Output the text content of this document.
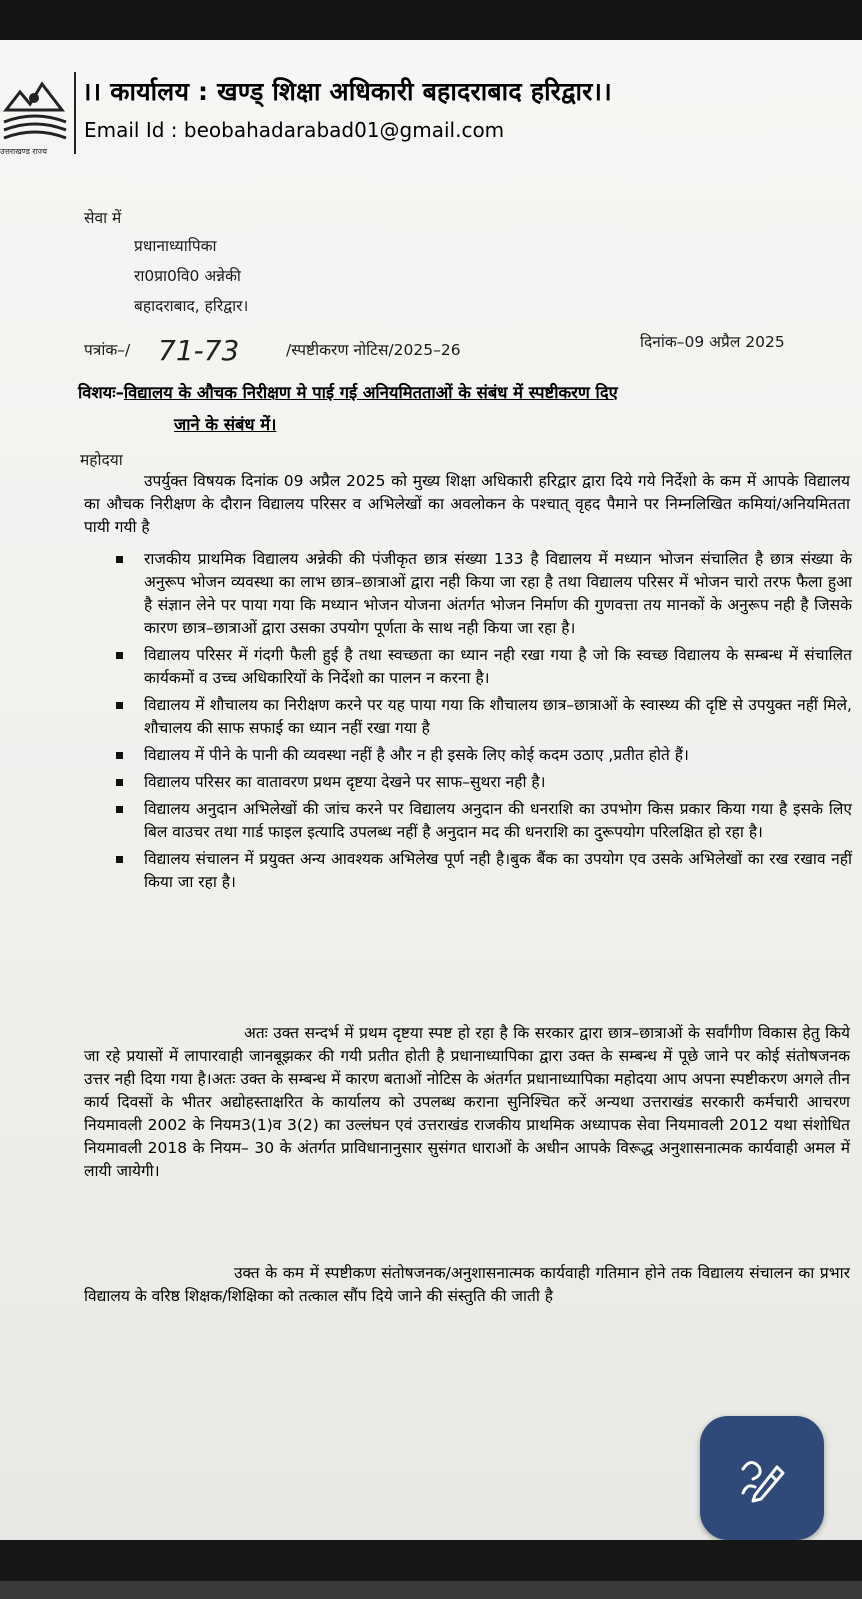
उत्तराखण्ड राज्य
।। कार्यालय : खण्ड् शिक्षा अधिकारी बहादराबाद हरिद्वार।।
Email Id : beobahadarabad01@gmail.com
सेवा में
प्रधानाध्यापिका
रा0प्रा0वि0 अन्नेकी
बहादराबाद, हरिद्वार।
पत्रांक–/ 71-73	/स्पष्टीकरण नोटिस/2025–26	दिनांक–09 अप्रैल 2025
विशयः–विद्यालय के औचक निरीक्षण मे पाई गई अनियमितताओं के संबंध में स्पष्टीकरण दिए
जाने के संबंध में।
महोदया
उपर्युक्त विषयक दिनांक 09 अप्रैल 2025 को मुख्य शिक्षा अधिकारी हरिद्वार द्वारा दिये गये निर्देशो के कम में आपके विद्यालय का औचक निरीक्षण के दौरान विद्यालय परिसर व अभिलेखों का अवलोकन के पश्चात् वृहद पैमाने पर निम्नलिखित कमियां/अनियमितता पायी गयी है
राजकीय प्राथमिक विद्यालय अन्नेकी की पंजीकृत छात्र संख्या 133 है विद्यालय में मध्यान भोजन संचालित है छात्र संख्या के अनुरूप भोजन व्यवस्था का लाभ छात्र–छात्राओं द्वारा नही किया जा रहा है तथा विद्यालय परिसर में भोजन चारो तरफ फैला हुआ है संज्ञान लेने पर पाया गया कि मध्यान भोजन योजना अंतर्गत भोजन निर्माण की गुणवत्ता तय मानकों के अनुरूप नही है जिसके कारण छात्र–छात्राओं द्वारा उसका उपयोग पूर्णता के साथ नही किया जा रहा है।
विद्यालय परिसर में गंदगी फैली हुई है तथा स्वच्छता का ध्यान नही रखा गया है जो कि स्वच्छ विद्यालय के सम्बन्ध में संचालित कार्यकमों व उच्च अधिकारियों के निर्देशो का पालन न करना है।
विद्यालय में शौचालय का निरीक्षण करने पर यह पाया गया कि शौचालय छात्र–छात्राओं के स्वास्थ्य की दृष्टि से उपयुक्त नहीं मिले, शौचालय की साफ सफाई का ध्यान नहीं रखा गया है
विद्यालय में पीने के पानी की व्यवस्था नहीं है और न ही इसके लिए कोई कदम उठाए ,प्रतीत होते हैं।
विद्यालय परिसर का वातावरण प्रथम दृष्टया देखने पर साफ–सुथरा नही है।
विद्यालय अनुदान अभिलेखों की जांच करने पर विद्यालय अनुदान की धनराशि का उपभोग किस प्रकार किया गया है इसके लिए बिल वाउचर तथा गार्ड फाइल इत्यादि उपलब्ध नहीं है अनुदान मद की धनराशि का दुरूपयोग परिलक्षित हो रहा है।
विद्यालय संचालन में प्रयुक्त अन्य आवश्यक अभिलेख पूर्ण नही है।बुक बैंक का उपयोग एव उसके अभिलेखों का रख रखाव नहीं किया जा रहा है।
अतः उक्त सन्दर्भ में प्रथम दृष्टया स्पष्ट हो रहा है कि सरकार द्वारा छात्र–छात्राओं के सर्वांगीण विकास हेतु किये जा रहे प्रयासों में लापारवाही जानबूझकर की गयी प्रतीत होती है प्रधानाध्यापिका द्वारा उक्त के सम्बन्ध में पूछे जाने पर कोई संतोषजनक उत्तर नही दिया गया है।अतः उक्त के सम्बन्ध में कारण बताओं नोटिस के अंतर्गत प्रधानाध्यापिका महोदया आप अपना स्पष्टीकरण अगले तीन कार्य दिवसों के भीतर अद्योहस्ताक्षरित के कार्यालय को उपलब्ध कराना सुनिश्चित करें अन्यथा उत्तराखंड सरकारी कर्मचारी आचरण नियमावली 2002 के नियम3(1)व 3(2) का उल्लंघन एवं उत्तराखंड राजकीय प्राथमिक अध्यापक सेवा नियमावली 2012 यथा संशोधित नियमावली 2018 के नियम– 30 के अंतर्गत प्राविधानानुसार सुसंगत धाराओं के अधीन आपके विरूद्ध अनुशासनात्मक कार्यवाही अमल में लायी जायेगी।
उक्त के कम में स्पष्टीकण संतोषजनक/अनुशासनात्मक कार्यवाही गतिमान होने तक विद्यालय संचालन का प्रभार विद्यालय के वरिष्ठ शिक्षक/शिक्षिका को तत्काल सौंप दिये जाने की संस्तुति की जाती है
